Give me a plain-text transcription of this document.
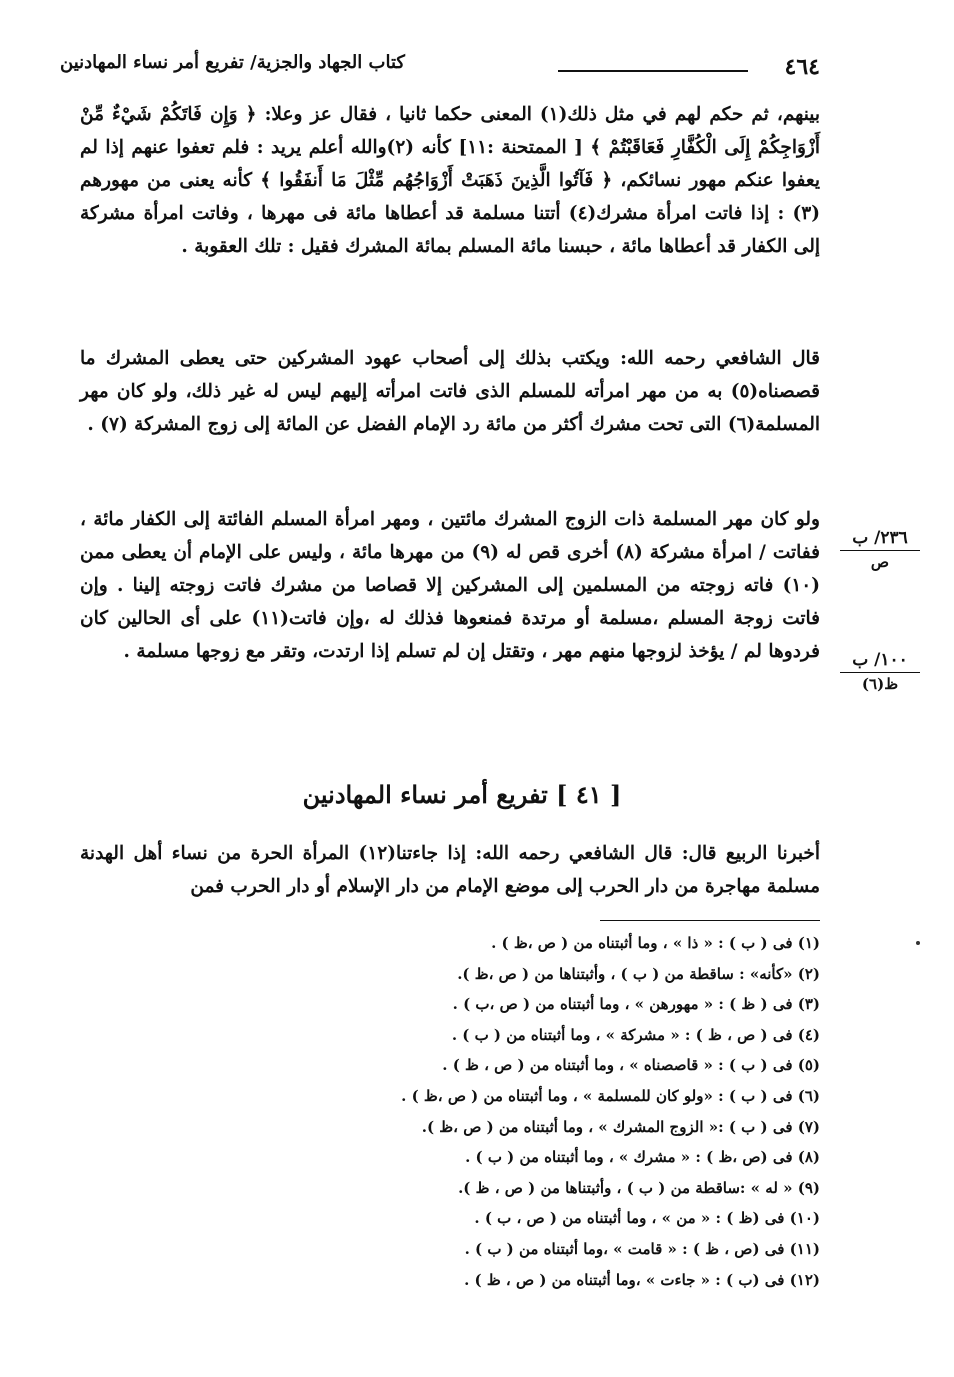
٤٦٤
كتاب الجهاد والجزية/ تفريع أمر نساء المهادنين

بينهم، ثم حكم لهم في مثل ذلك(١) المعنى حكما ثانيا ، فقال عز وعلا: ﴿ وَإِن فَاتَكُمْ شَيْءٌ مِّنْ أَزْوَاجِكُمْ إِلَى الْكُفَّارِ فَعَاقَبْتُمْ ﴾ [ الممتحنة :١١] كأنه (٢)والله أعلم يريد : فلم تعفوا عنهم إذا لم يعفوا عنكم مهور نسائكم، ﴿ فَآتُوا الَّذِينَ ذَهَبَتْ أَزْوَاجُهُم مِّثْلَ مَا أَنفَقُوا ﴾ كأنه يعنى من مهورهم (٣) : إذا فاتت امرأة مشرك(٤) أتتنا مسلمة قد أعطاها مائة فى مهرها ، وفاتت امرأة مشركة إلى الكفار قد أعطاها مائة ، حبسنا مائة المسلم بمائة المشرك فقيل : تلك العقوبة .

قال الشافعي رحمه الله: ويكتب بذلك إلى أصحاب عهود المشركين حتى يعطى المشرك ما قصصناه(٥) به من مهر امرأته للمسلم الذى فاتت امرأته إليهم ليس له غير ذلك، ولو كان مهر المسلمة(٦) التى تحت مشرك أكثر من مائة رد الإمام الفضل عن المائة إلى زوج المشركة (٧) .

ولو كان مهر المسلمة ذات الزوج المشرك مائتين ، ومهر امرأة المسلم الفائتة إلى الكفار مائة ، ففاتت / امرأة مشركة (٨) أخرى قص له (٩) من مهرها مائة ، وليس على الإمام أن يعطى ممن (١٠) فاته زوجته من المسلمين إلى المشركين إلا قصاصا من مشرك فاتت زوجته إلينا . وإن فاتت زوجة المسلم ،مسلمة أو مرتدة فمنعوها فذلك له ،وإن فاتت(١١) على أى الحالين كان فردوها لم / يؤخذ لزوجها منهم مهر ، وتقتل إن لم تسلم إذا ارتدت، وتقر مع زوجها مسلمة .

٢٣٦/ ب
ص
١٠٠/ ب
ظ(٦)
[ ٤١ ] تفريع أمر نساء المهادنين

أخبرنا الربيع قال: قال الشافعي رحمه الله: إذا جاءتنا(١٢) المرأة الحرة من نساء أهل الهدنة مسلمة مهاجرة من دار الحرب إلى موضع الإمام من دار الإسلام أو دار الحرب فمن

(١) فى ( ب ) : « ذا » ، وما أثبتناه من ( ص ،ظ ) .
(٢) «كأنه» : ساقطة من ( ب ) ، وأثبتناها من ( ص ،ظ ).
(٣) فى ( ظ ) : « مهورهن » ، وما أثبتناه من ( ص ،ب ) .
(٤) فى ( ص ، ظ ) : « مشركة » ، وما أثبتناه من ( ب ) .
(٥) فى ( ب ) : « قاصصناه » ، وما أثبتناه من ( ص ، ظ ) .
(٦) فى ( ب ) : «ولو كان للمسلمة » ، وما أثبتناه من ( ص ،ظ ) .
(٧) فى ( ب ) :« الزوج المشرك » ، وما أثبتناه من ( ص ،ظ ).
(٨) فى (ص ،ظ ) : « مشرك » ، وما أثبتناه من ( ب ) .
(٩) « له » :ساقطة من ( ب ) ، وأثبتناها من ( ص ، ظ ).
(١٠) فى (ظ ) : « من » ، وما أثبتناه من ( ص ، ب ) .
(١١) فى (ص ، ظ ) : « قامت » ،وما أثبتناه من ( ب ) .
(١٢) فى (ب ) : « جاءت » ،وما أثبتناه من ( ص ، ظ ) .
